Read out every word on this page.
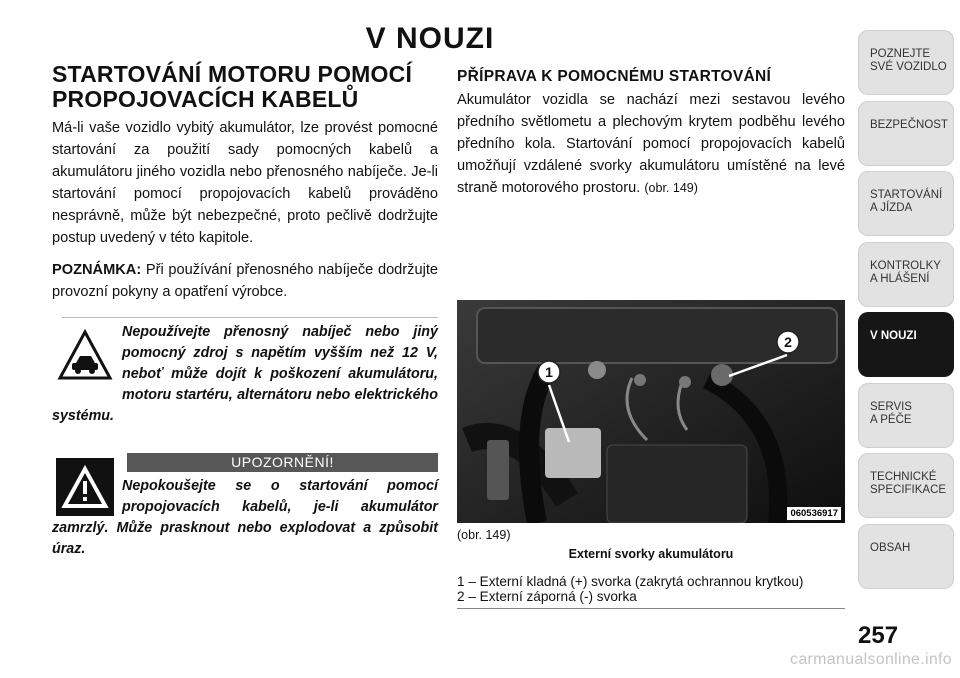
V NOUZI
STARTOVÁNÍ MOTORU POMOCÍ
PROPOJOVACÍCH KABELŮ

Má-li vaše vozidlo vybitý akumulátor, lze provést pomocné startování za použití sady pomocných kabelů a akumulátoru jiného vozidla nebo přenosného nabíječe. Je-li startování pomocí propojovacích kabelů prováděno nesprávně, může být nebezpečné, proto pečlivě dodržujte postup uvedený v této kapitole.

POZNÁMKA: Při používání přenosného nabíječe dodržujte provozní pokyny a opatření výrobce.

Nepoužívejte přenosný nabíječ nebo jiný pomocný zdroj s napětím vyšším než 12 V, neboť může dojít k poškození akumulátoru, motoru startéru, alternátoru nebo elektrického systému.
UPOZORNĚNÍ!
Nepokoušejte se o startování pomocí propojovacích kabelů, je-li akumulátor zamrzlý. Může prasknout nebo explodovat a způsobit úraz.
PŘÍPRAVA K POMOCNÉMU STARTOVÁNÍ

Akumulátor vozidla se nachází mezi sestavou levého předního světlometu a plechovým krytem podběhu levého předního kola. Startování pomocí propojovacích kabelů umožňují vzdálené svorky akumulátoru umístěné na levé straně motorového prostoru. (obr. 149)

1
2
060536917
(obr. 149)
Externí svorky akumulátoru
1 – Externí kladná (+) svorka (zakrytá ochrannou krytkou)
2 – Externí záporná (-) svorka
POZNEJTE
SVÉ VOZIDLO
BEZPEČNOST
STARTOVÁNÍ
A JÍZDA
KONTROLKY
A HLÁŠENÍ
V NOUZI
SERVIS
A PÉČE
TECHNICKÉ
SPECIFIKACE
OBSAH
257
carmanualsonline.info
